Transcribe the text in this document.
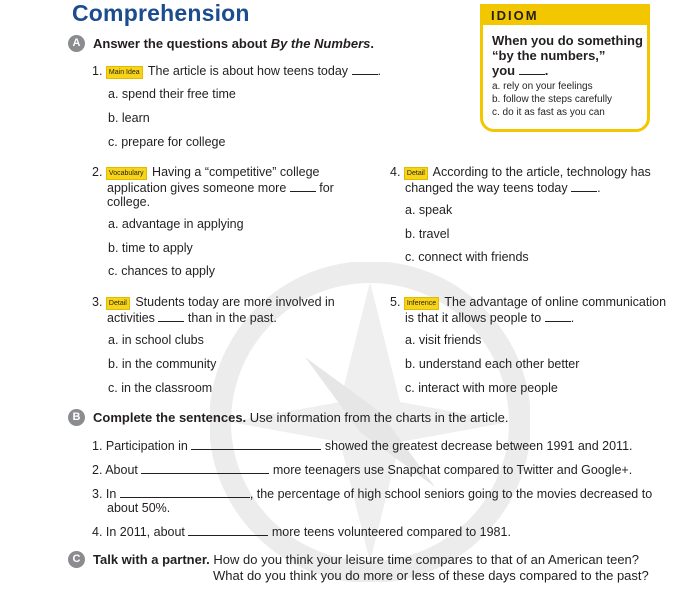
Comprehension	IDIOM
When you do something
“by the numbers,”
you .
a. rely on your feelings
b. follow the steps carefully
c. do it as fast as you can
A Answer the questions about By the Numbers.
1. Main Idea The article is about how teens today .
a. spend their free time
b. learn
c. prepare for college
2. Vocabulary Having a “competitive” college
application gives someone more	for
college.
a. advantage in applying
b. time to apply
c. chances to apply
3. Detail Students today are more involved in
activities	than in the past.
a. in school clubs
b. in the community
c. in the classroom
4. Detail According to the article, technology has
changed the way teens today .
a. speak
b. travel
c. connect with friends
5. Inference The advantage of online communication
is that it allows people to .
a. visit friends
b. understand each other better
c. interact with more people
B Complete the sentences. Use information from the charts in the article.
1. Participation in	showed the greatest decrease between 1991 and 2011.
2. About	more teenagers use Snapchat compared to Twitter and Google+.
3. In	, the percentage of high school seniors going to the movies decreased to
about 50%.
4. In 2011, about	more teens volunteered compared to 1981.
C Talk with a partner. How do you think your leisure time compares to that of an American teen?
What do you think you do more or less of these days compared to the past?
